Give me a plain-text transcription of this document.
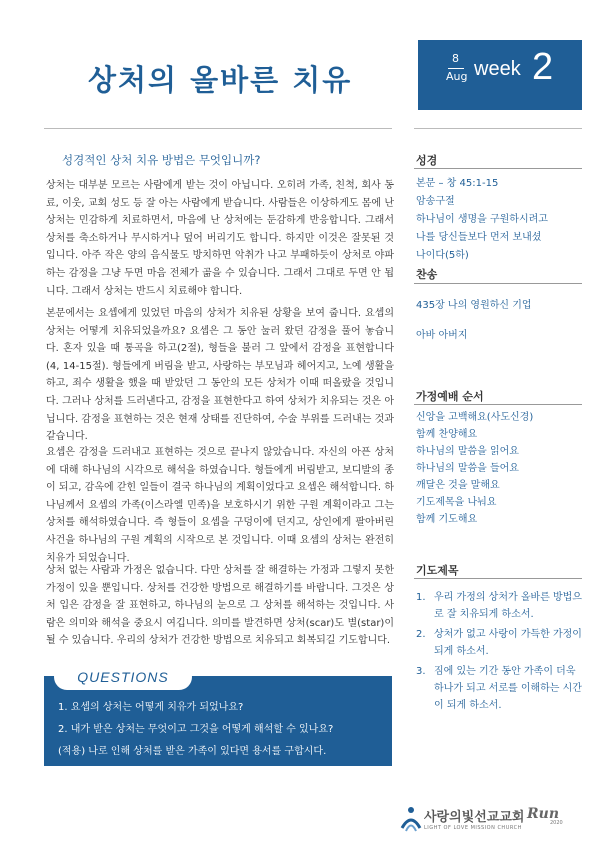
상처의 올바른 치유
8
Aug week 2
성경적인 상처 치유 방법은 무엇입니까?

상처는 대부분 모르는 사람에게 받는 것이 아닙니다. 오히려 가족, 친척, 회사 동료, 이웃, 교회 성도 등 잘 아는 사람에게 받습니다. 사람들은 이상하게도 몸에 난 상처는 민감하게 치료하면서, 마음에 난 상처에는 둔감하게 반응합니다. 그래서 상처를 축소하거나 무시하거나 덮어 버리기도 합니다. 하지만 이것은 잘못된 것입니다. 아주 작은 양의 음식물도 방치하면 악취가 나고 부패하듯이 상처로 야파하는 감정을 그냥 두면 마음 전체가 곪을 수 있습니다. 그래서 그대로 두면 안 됩니다. 그래서 상처는 반드시 치료해야 합니다.

본문에서는 요셉에게 있었던 마음의 상처가 치유된 상황을 보여 줍니다. 요셉의 상처는 어떻게 치유되었을까요? 요셉은 그 동안 눌러 왔던 감정을 풀어 놓습니다. 혼자 있을 때 통곡을 하고(2절), 형들을 불러 그 앞에서 감정을 표현합니다(4, 14-15절). 형들에게 버림을 받고, 사랑하는 부모님과 헤어지고, 노예 생활을 하고, 죄수 생활을 했을 때 받았던 그 동안의 모든 상처가 이때 떠올랐을 것입니다. 그러나 상처를 드러낸다고, 감정을 표현한다고 하여 상처가 치유되는 것은 아닙니다. 감정을 표현하는 것은 현재 상태를 진단하여, 수술 부위를 드러내는 것과 같습니다.

요셉은 감정을 드러내고 표현하는 것으로 끝나지 않았습니다. 자신의 아픈 상처에 대해 하나님의 시각으로 해석을 하였습니다. 형들에게 버림받고, 보디발의 종이 되고, 감옥에 갇힌 일들이 결국 하나님의 계획이었다고 요셉은 해석합니다. 하나님께서 요셉의 가족(이스라엘 민족)을 보호하시기 위한 구원 계획이라고 그는 상처를 해석하였습니다. 즉 형들이 요셉을 구덩이에 던지고, 상인에게 팔아버린 사건을 하나님의 구원 계획의 시작으로 본 것입니다. 이때 요셉의 상처는 완전히 치유가 되었습니다.

상처 없는 사람과 가정은 없습니다. 다만 상처를 잘 해결하는 가정과 그렇지 못한 가정이 있을 뿐입니다. 상처를 건강한 방법으로 해결하기를 바랍니다. 그것은 상처 입은 감정을 잘 표현하고, 하나님의 눈으로 그 상처를 해석하는 것입니다. 사람은 의미와 해석을 중요시 여깁니다. 의미를 발견하면 상처(scar)도 별(star)이 될 수 있습니다. 우리의 상처가 건강한 방법으로 치유되고 회복되길 기도합니다.

QUESTIONS
1. 요셉의 상처는 어떻게 치유가 되었나요?
2. 내가 받은 상처는 무엇이고 그것을 어떻게 해석할 수 있나요?
(적용) 나로 인해 상처를 받은 가족이 있다면 용서를 구합시다.
성경
본문 – 창 45:1-15
암송구절
하나님이 생명을 구원하시려고
나를 당신들보다 먼저 보내셨
나이다(5하)
찬송
435장 나의 영원하신 기업
아바 아버지
가정예배 순서
신앙을 고백해요(사도신경)
함께 찬양해요
하나님의 말씀을 읽어요
하나님의 말씀을 들어요
깨달은 것을 말해요
기도제목을 나눠요
함께 기도해요
기도제목
1. 우리 가정의 상처가 올바른 방법으로 잘 치유되게 하소서.
2. 상처가 없고 사랑이 가득한 가정이 되게 하소서.
3. 짐에 있는 기간 동안 가족이 더욱 하나가 되고 서로를 이해하는 시간이 되게 하소서.
사랑의빛선교교회
LIGHT OF LOVE MISSION CHURCH
Run
2020
